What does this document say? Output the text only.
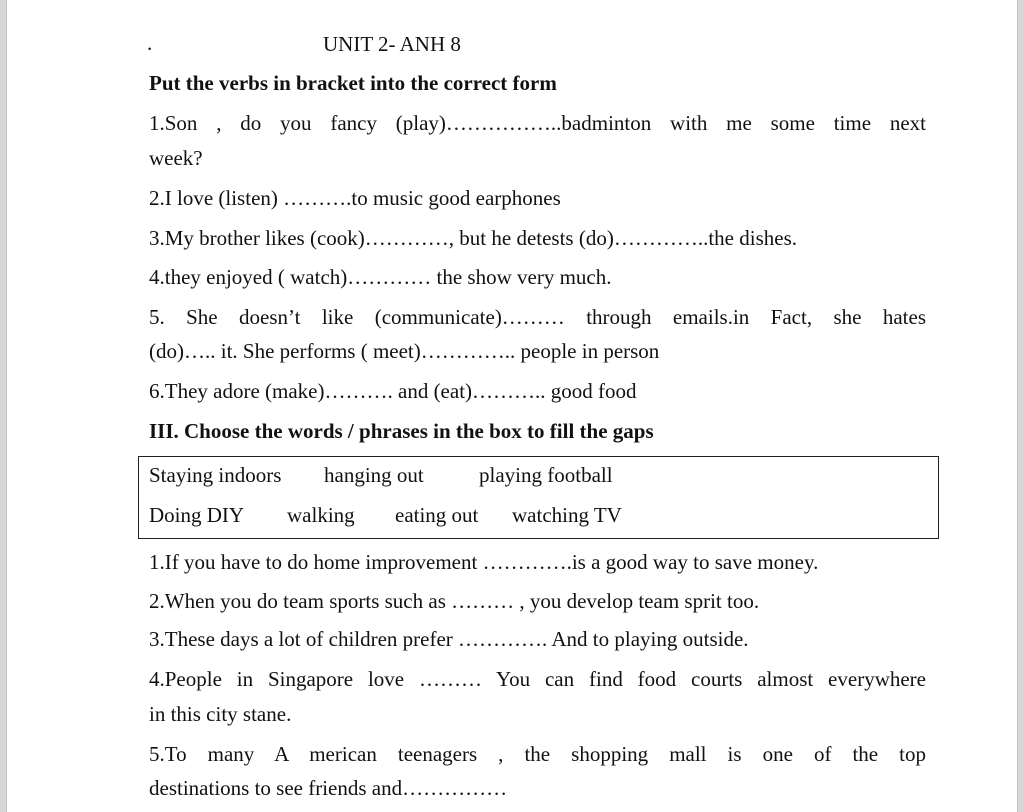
.	UNIT 2- ANH 8
Put the verbs in bracket into the correct form
1.Son , do you fancy (play)……………..badminton with me some time next
week?
2.I love (listen) ……….to music good earphones
3.My brother likes (cook)…………, but he detests (do)…………..the dishes.
4.they enjoyed ( watch)………… the show very much.
5. She doesn’t like (communicate)……… through emails.in Fact, she hates
(do)….. it. She performs ( meet)………….. people in person
6.They adore (make)………. and (eat)……….. good food
III. Choose the words / phrases in the box to fill the gaps
Staying indoors hanging out	playing football
Doing DIY walking eating out watching TV
1.If you have to do home improvement ………….is a good way to save money.
2.When you do team sports such as ……… , you develop team sprit too.
3.These days a lot of children prefer …………. And to playing outside.
4.People in Singapore love ……… You can find food courts almost everywhere
in this city stane.
5.To many A merican teenagers , the shopping mall is one of the top
destinations to see friends and……………
